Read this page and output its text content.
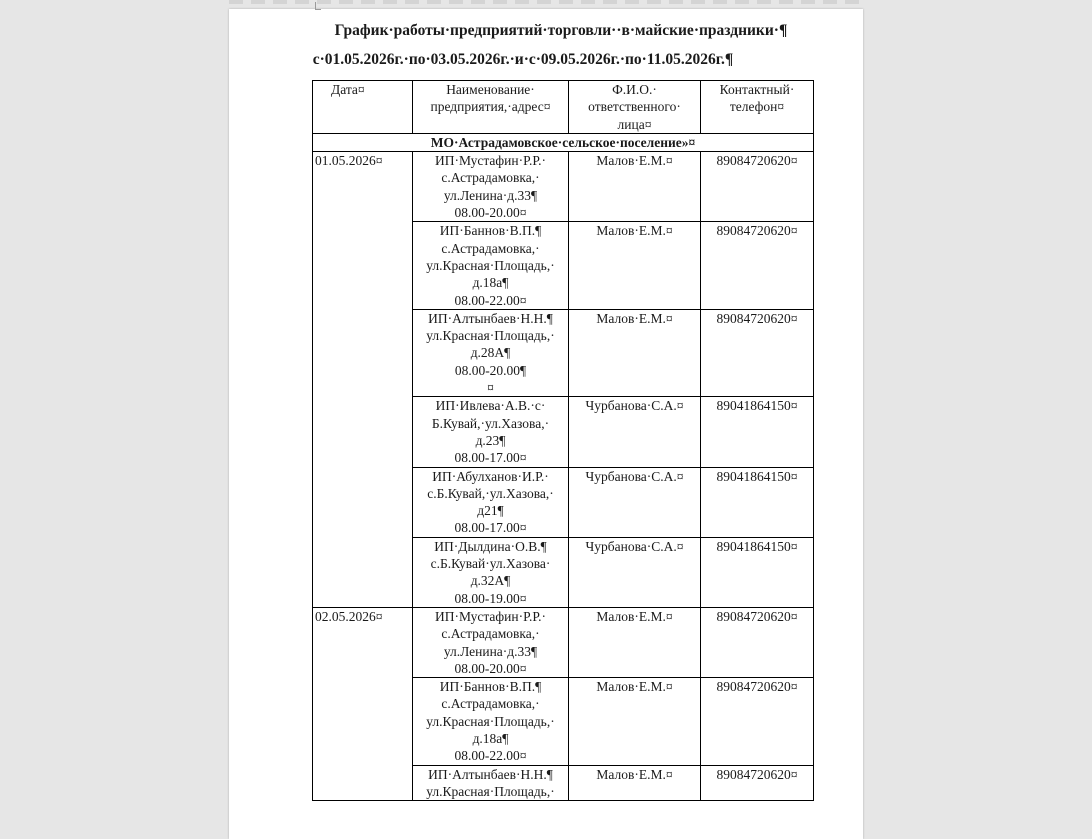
График·работы·предприятий·торговли··в·майские·праздники·¶
с·01.05.2026г.·по·03.05.2026г.·и·с·09.05.2026г.·по·11.05.2026г.¶
Дата¤	Наименование·
предприятия,·адрес¤	Ф.И.О.·
ответственного·
лица¤	Контактный·
телефон¤

МО·Астрадамовское·сельское·поселение»¤			
01.05.2026¤	ИП·Мустафин·Р.Р.·
с.Астрадамовка,·
ул.Ленина·д.33¶
08.00-20.00¤	Малов·Е.М.¤	89084720620¤

	ИП·Баннов·В.П.¶
с.Астрадамовка,·
ул.Красная·Площадь,·
д.18а¶
08.00-22.00¤	Малов·Е.М.¤	89084720620¤

	ИП·Алтынбаев·Н.Н.¶
ул.Красная·Площадь,·
д.28А¶
08.00-20.00¶
¤	Малов·Е.М.¤	89084720620¤

	ИП·Ивлева·А.В.·с·
Б.Кувай,·ул.Хазова,·
д.23¶
08.00-17.00¤	Чурбанова·С.А.¤	89041864150¤

	ИП·Абулханов·И.Р.·
с.Б.Кувай,·ул.Хазова,·
д21¶
08.00-17.00¤	Чурбанова·С.А.¤	89041864150¤

	ИП·Дылдина·О.В.¶
с.Б.Кувай·ул.Хазова·
д.32А¶
08.00-19.00¤	Чурбанова·С.А.¤	89041864150¤
02.05.2026¤	ИП·Мустафин·Р.Р.·
с.Астрадамовка,·
ул.Ленина·д.33¶
08.00-20.00¤	Малов·Е.М.¤	89084720620¤

	ИП·Баннов·В.П.¶
с.Астрадамовка,·
ул.Красная·Площадь,·
д.18а¶
08.00-22.00¤	Малов·Е.М.¤	89084720620¤

	ИП·Алтынбаев·Н.Н.¶
ул.Красная·Площадь,·	Малов·Е.М.¤	89084720620¤
